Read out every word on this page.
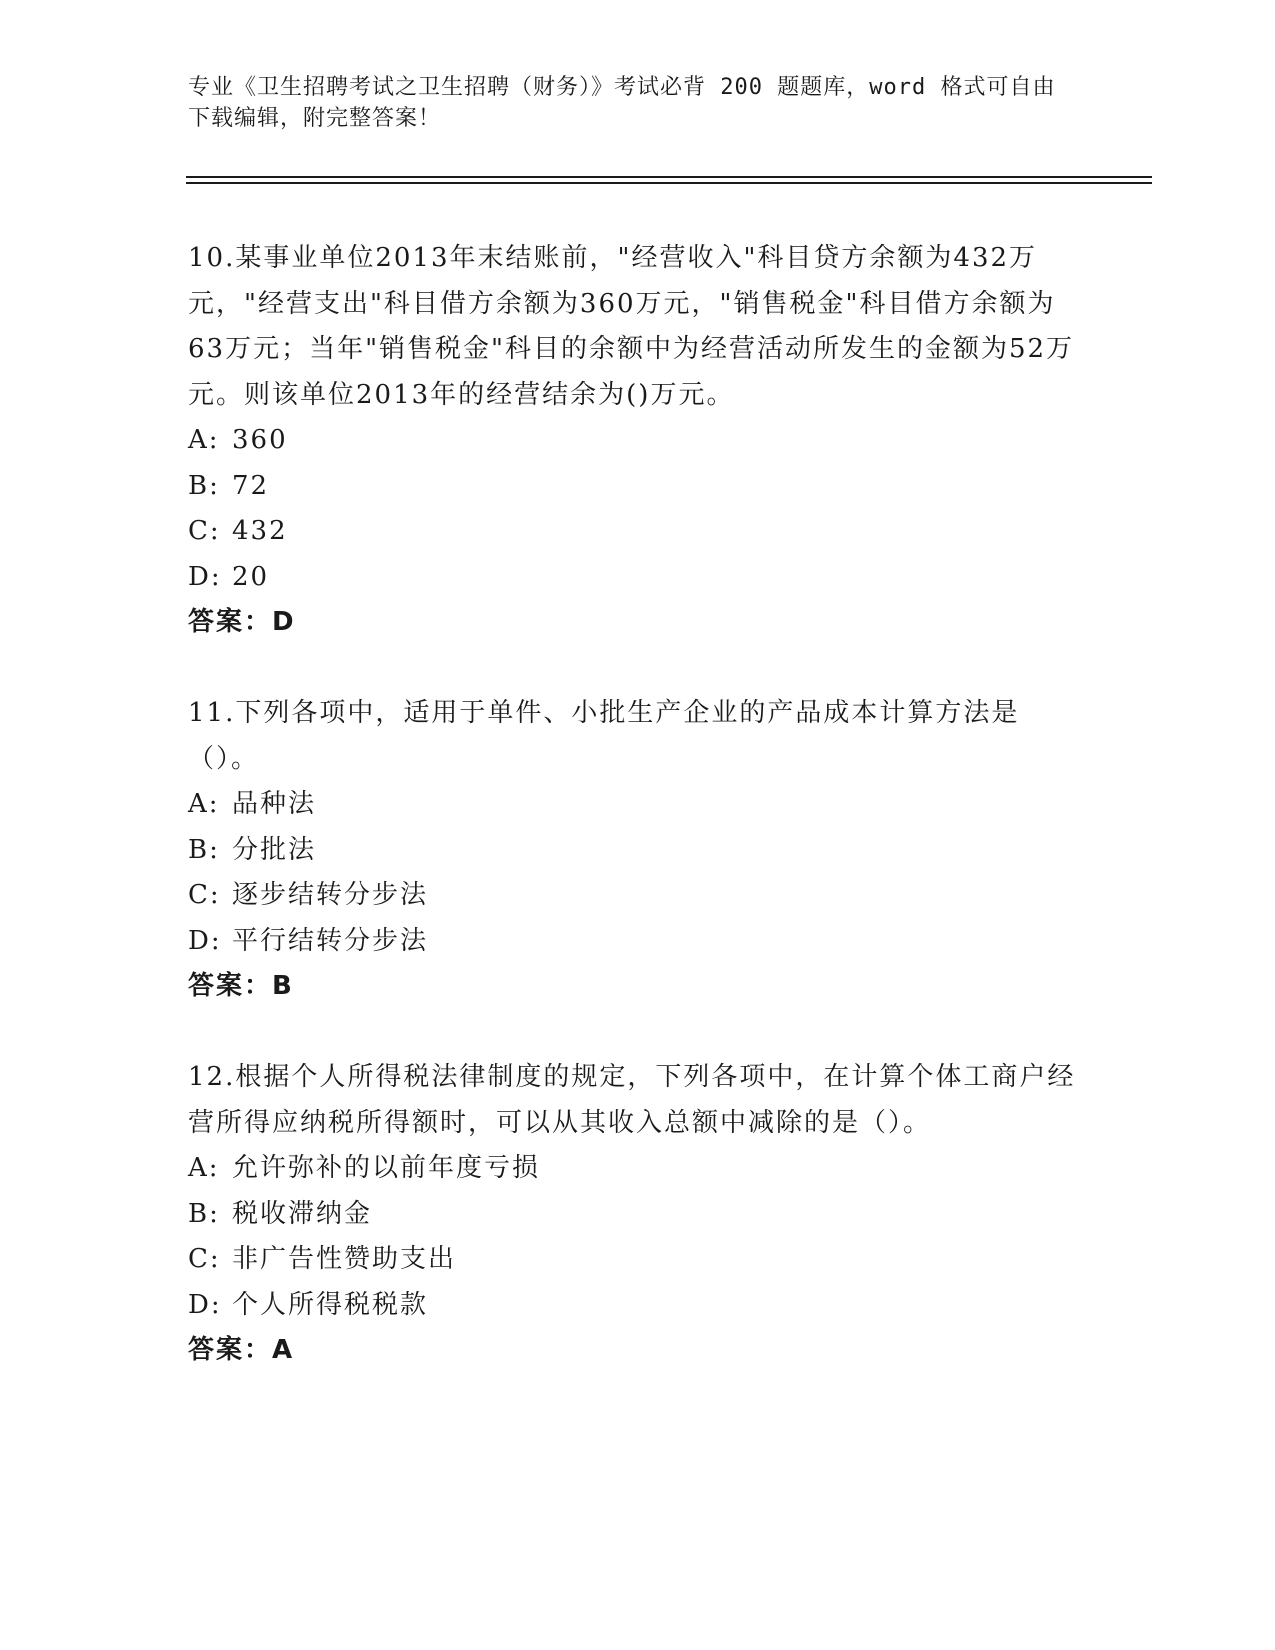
专业《卫生招聘考试之卫生招聘（财务）》考试必背 200 题题库，word 格式可自由下载编辑，附完整答案！
10.某事业单位2013年末结账前，"经营收入"科目贷方余额为432万元，"经营支出"科目借方余额为360万元，"销售税金"科目借方余额为63万元；当年"销售税金"科目的余额中为经营活动所发生的金额为52万元。则该单位2013年的经营结余为()万元。
A: 360
B: 72
C: 432
D: 20
答案：D
11.下列各项中，适用于单件、小批生产企业的产品成本计算方法是（）。
A: 品种法
B: 分批法
C: 逐步结转分步法
D: 平行结转分步法
答案：B
12.根据个人所得税法律制度的规定，下列各项中，在计算个体工商户经营所得应纳税所得额时，可以从其收入总额中减除的是（）。
A: 允许弥补的以前年度亏损
B: 税收滞纳金
C: 非广告性赞助支出
D: 个人所得税税款
答案：A
